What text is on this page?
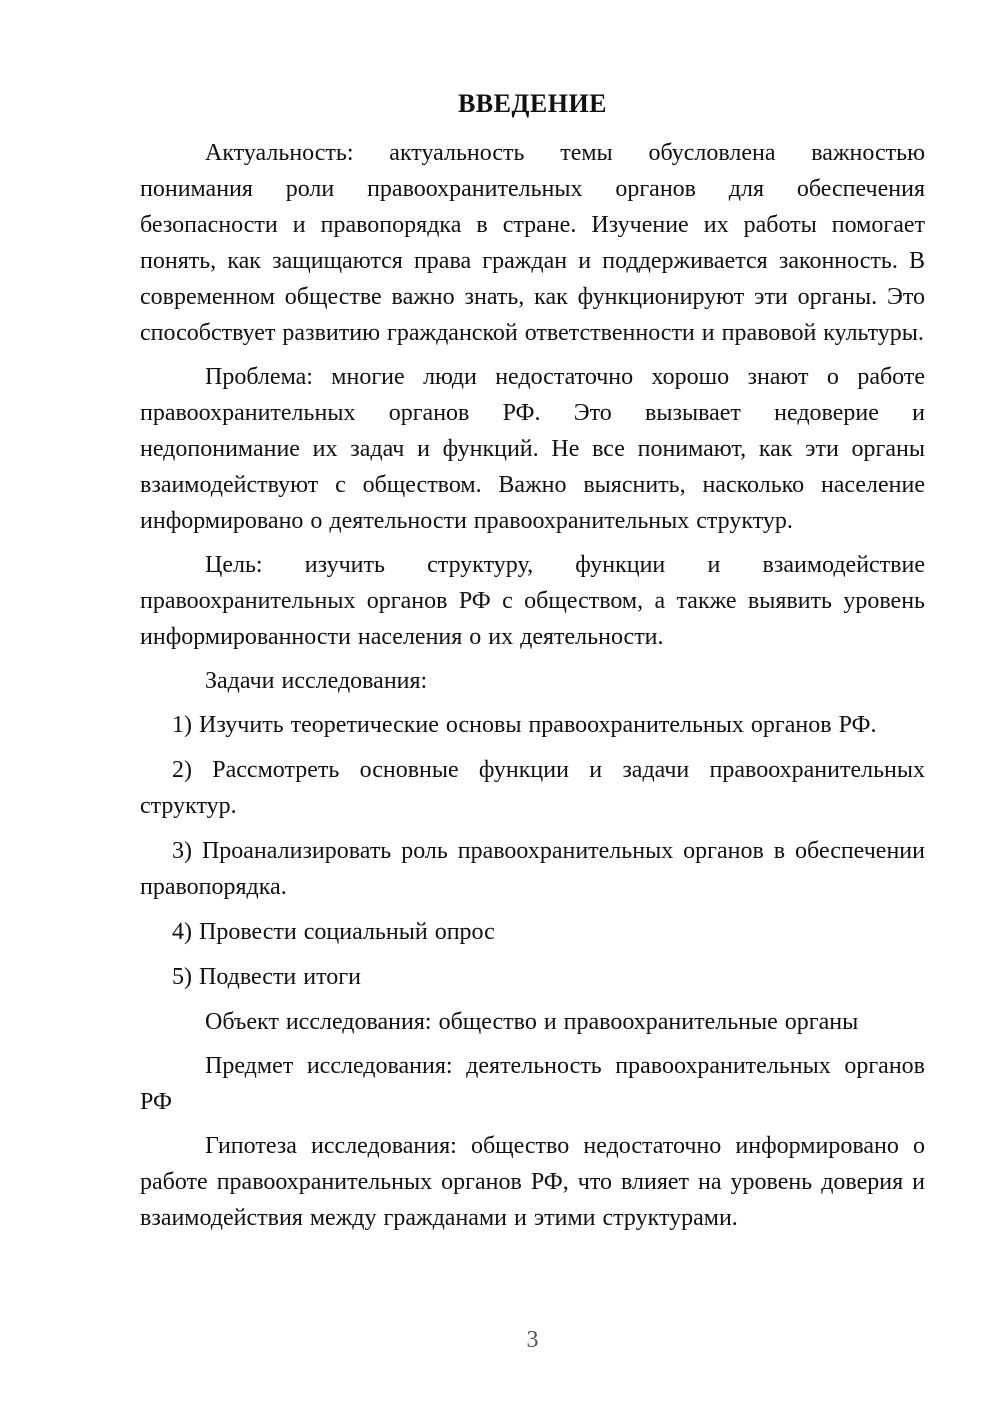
ВВЕДЕНИЕ

Актуальность: актуальность темы обусловлена важностью понимания роли правоохранительных органов для обеспечения безопасности и правопорядка в стране. Изучение их работы помогает понять, как защищаются права граждан и поддерживается законность. В современном обществе важно знать, как функционируют эти органы. Это способствует развитию гражданской ответственности и правовой культуры.

Проблема: многие люди недостаточно хорошо знают о работе правоохранительных органов РФ. Это вызывает недоверие и недопонимание их задач и функций. Не все понимают, как эти органы взаимодействуют с обществом. Важно выяснить, насколько население информировано о деятельности правоохранительных структур.

Цель: изучить структуру, функции и взаимодействие правоохранительных органов РФ с обществом, а также выявить уровень информированности населения о их деятельности.

Задачи исследования:

1) Изучить теоретические основы правоохранительных органов РФ.

2) Рассмотреть основные функции и задачи правоохранительных структур.

3) Проанализировать роль правоохранительных органов в обеспечении правопорядка.

4) Провести социальный опрос

5) Подвести итоги

Объект исследования: общество и правоохранительные органы

Предмет исследования: деятельность правоохранительных органов РФ

Гипотеза исследования: общество недостаточно информировано о работе правоохранительных органов РФ, что влияет на уровень доверия и взаимодействия между гражданами и этими структурами.

3
